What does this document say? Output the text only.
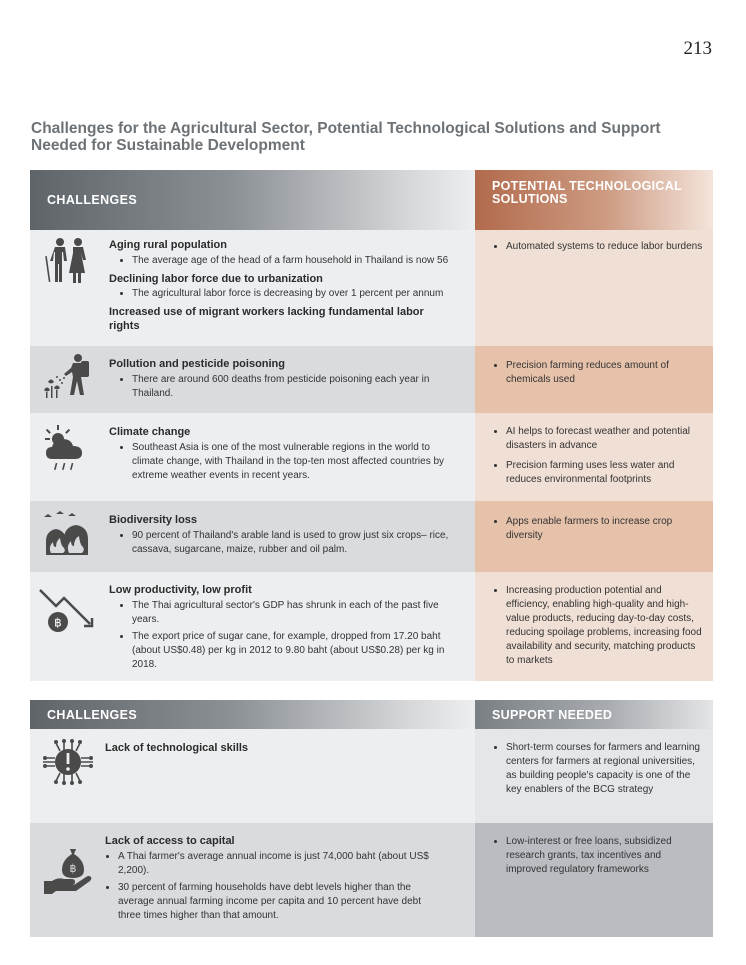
213
Challenges for the Agricultural Sector, Potential Technological Solutions and Support Needed for Sustainable Development
CHALLENGES
POTENTIAL TECHNOLOGICAL SOLUTIONS
Aging rural population
• The average age of the head of a farm household in Thailand is now 56
Declining labor force due to urbanization
• The agricultural labor force is decreasing by over 1 percent per annum
Increased use of migrant workers lacking fundamental labor rights
• Automated systems to reduce labor burdens
Pollution and pesticide poisoning
• There are around 600 deaths from pesticide poisoning each year in Thailand.
• Precision farming reduces amount of chemicals used
Climate change
• Southeast Asia is one of the most vulnerable regions in the world to climate change, with Thailand in the top-ten most affected countries by extreme weather events in recent years.
• AI helps to forecast weather and potential disasters in advance
• Precision farming uses less water and reduces environmental footprints
Biodiversity loss
• 90 percent of Thailand's arable land is used to grow just six crops– rice, cassava, sugarcane, maize, rubber and oil palm.
• Apps enable farmers to increase crop diversity
฿
Low productivity, low profit
• The Thai agricultural sector's GDP has shrunk in each of the past five years.
• The export price of sugar cane, for example, dropped from 17.20 baht (about US$0.48) per kg in 2012 to 9.80 baht (about US$0.28) per kg in 2018.
• Increasing production potential and efficiency, enabling high-quality and high-value products, reducing day-to-day costs, reducing spoilage problems, increasing food availability and security, matching products to markets
CHALLENGES	SUPPORT NEEDED
Lack of technological skills
•	Short-term courses for farmers and learning centers for farmers at regional universities, as building people's capacity is one of the key enablers of the BCG strategy
฿
Lack of access to capital
• A Thai farmer's average annual income is just 74,000 baht (about US$ 2,200).
• 30 percent of farming households have debt levels higher than the average annual farming income per capita and 10 percent have debt three times higher than that amount.
• Low-interest or free loans, subsidized research grants, tax incentives and improved regulatory frameworks
